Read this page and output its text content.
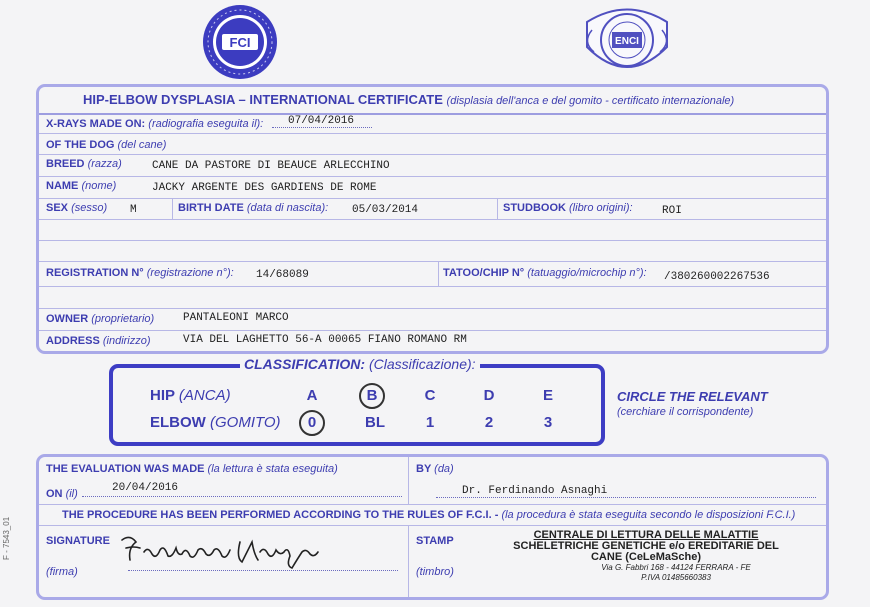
FCI	ENCI
HIP-ELBOW DYSPLASIA – INTERNATIONAL CERTIFICATE (displasia dell'anca e del gomito - certificato internazionale)
X-RAYS MADE ON: (radiografia eseguita il): 07/04/2016
OF THE DOG (del cane)
BREED (razza)	CANE DA PASTORE DI BEAUCE ARLECCHINO
NAME (nome)	JACKY ARGENTE DES GARDIENS DE ROME
SEX (sesso) M	BIRTH DATE (data di nascita): 05/03/2014	STUDBOOK (libro origini):	ROI
REGISTRATION N° (registrazione n°): 14/68089	TATOO/CHIP N° (tatuaggio/microchip n°): /380260002267536
OWNER (proprietario)	PANTALEONI MARCO
ADDRESS (indirizzo)	VIA DEL LAGHETTO 56-A 00065 FIANO ROMANO RM
CLASSIFICATION: (Classificazione):
HIP (ANCA)	A	B	C	D	E
ELBOW (GOMITO)	0	BL	1	2	3
CIRCLE THE RELEVANT
(cerchiare il corrispondente)
THE EVALUATION WAS MADE (la lettura è stata eseguita)
ON (il)	20/04/2016
BY (da)
Dr. Ferdinando Asnaghi
THE PROCEDURE HAS BEEN PERFORMED ACCORDING TO THE RULES OF F.C.I. - (la procedura è stata eseguita secondo le disposizioni F.C.I.)
SIGNATURE
(firma)
STAMP
(timbro)
CENTRALE DI LETTURA DELLE MALATTIE
SCHELETRICHE GENETICHE e/o EREDITARIE DEL
CANE (CeLeMaSche)
Via G. Fabbri 168 - 44124 FERRARA - FE
P.IVA 01485660383
F - 7543_01
